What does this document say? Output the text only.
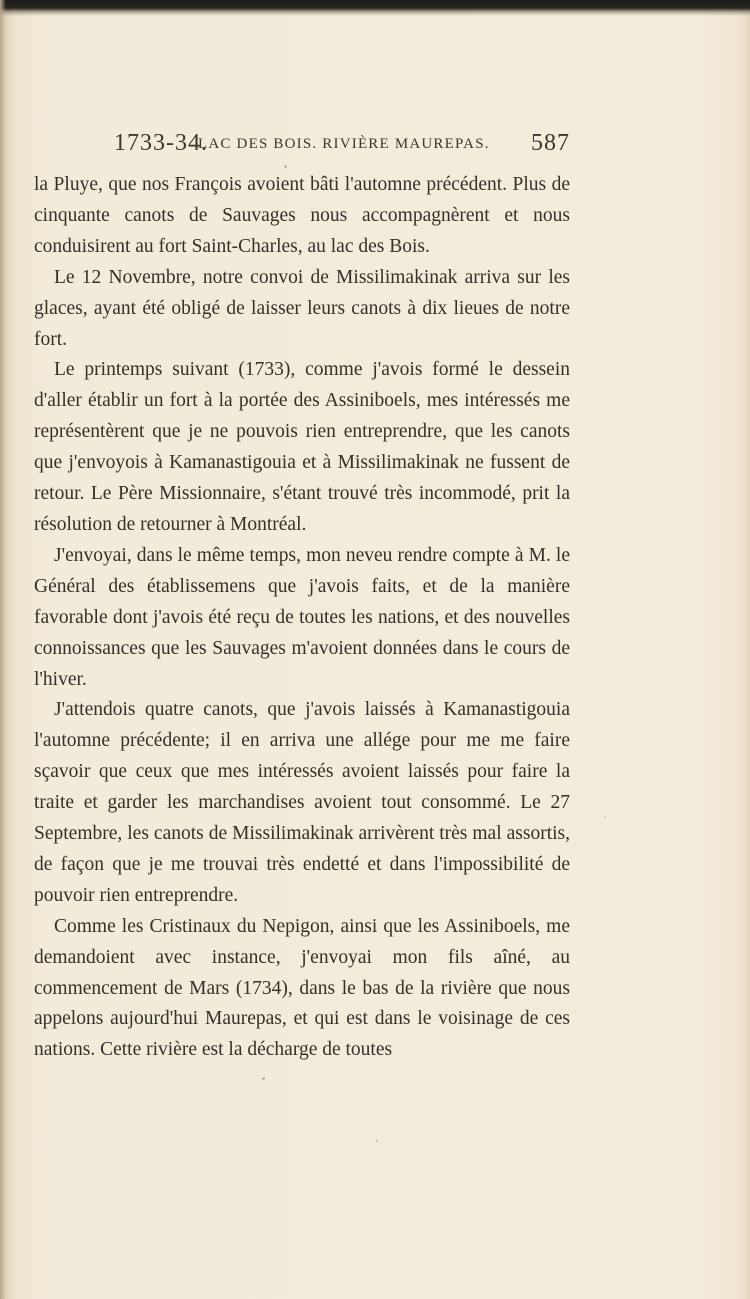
1733-34.
LAC DES BOIS. RIVIÈRE MAUREPAS. 587

la Pluye, que nos François avoient bâti l'automne précédent. Plus de cinquante canots de Sauvages nous accompagnèrent et nous conduisirent au fort Saint-Charles, au lac des Bois.

Le 12 Novembre, notre convoi de Missilimakinak arriva sur les glaces, ayant été obligé de laisser leurs canots à dix lieues de notre fort.

Le printemps suivant (1733), comme j'avois formé le dessein d'aller établir un fort à la portée des Assiniboels, mes intéressés me représentèrent que je ne pouvois rien entreprendre, que les canots que j'envoyois à Kamanastigouia et à Missilimakinak ne fussent de retour. Le Père Missionnaire, s'étant trouvé très incommodé, prit la résolution de retourner à Montréal.

J'envoyai, dans le même temps, mon neveu rendre compte à M. le Général des établissemens que j'avois faits, et de la manière favorable dont j'avois été reçu de toutes les nations, et des nouvelles connoissances que les Sauvages m'avoient données dans le cours de l'hiver.

J'attendois quatre canots, que j'avois laissés à Kamanastigouia l'automne précédente; il en arriva une allége pour me me faire sçavoir que ceux que mes intéressés avoient laissés pour faire la traite et garder les marchandises avoient tout consommé. Le 27 Septembre, les canots de Missilimakinak arrivèrent très mal assortis, de façon que je me trouvai très endetté et dans l'impossibilité de pouvoir rien entreprendre.

Comme les Cristinaux du Nepigon, ainsi que les Assiniboels, me demandoient avec instance, j'envoyai mon fils aîné, au commencement de Mars (1734), dans le bas de la rivière que nous appelons aujourd'hui Maurepas, et qui est dans le voisinage de ces nations. Cette rivière est la décharge de toutes
